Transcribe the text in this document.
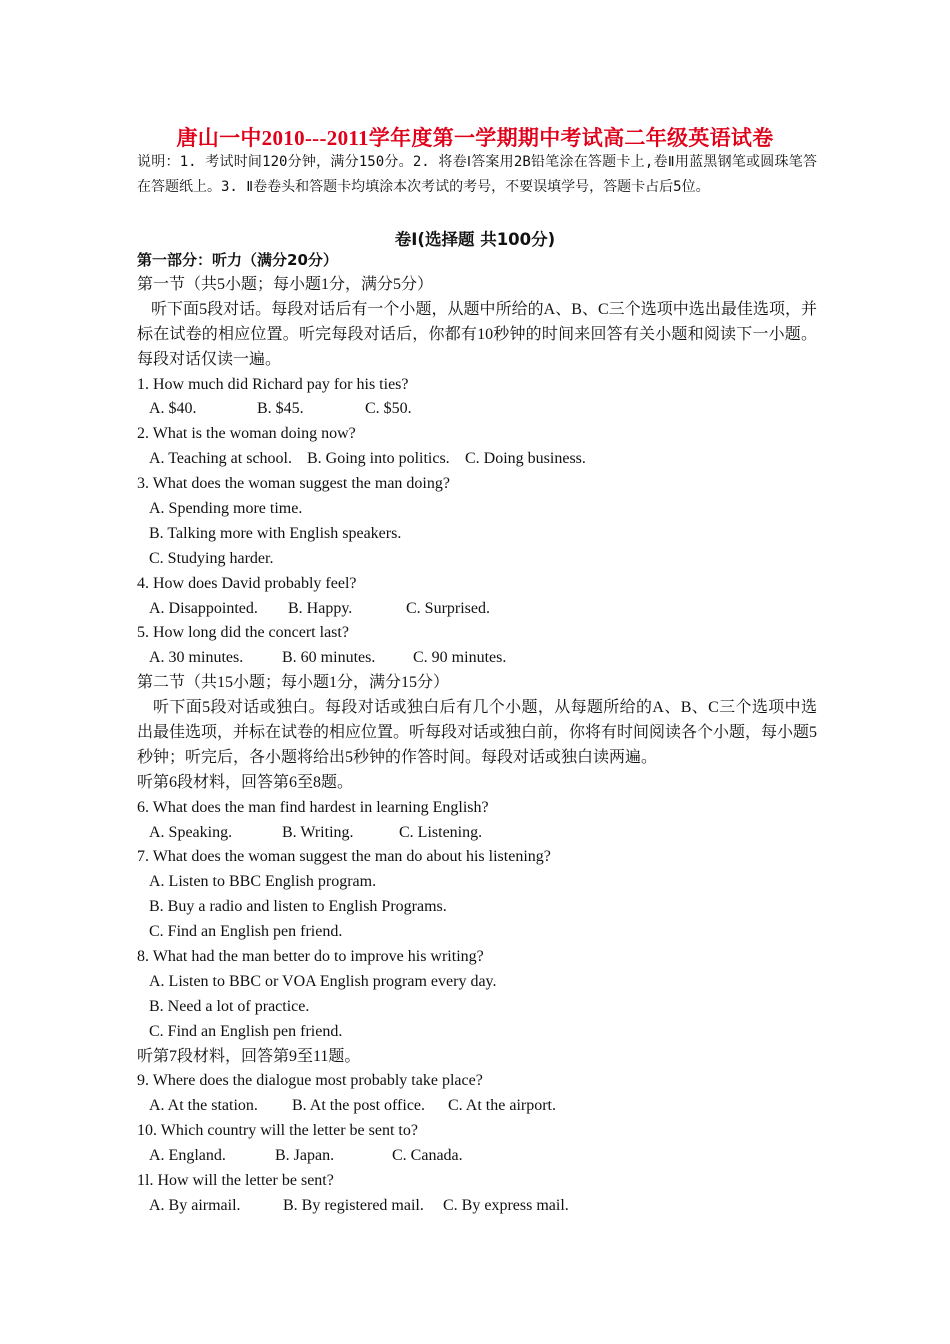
唐山一中2010---2011学年度第一学期期中考试高二年级英语试卷
说明：1. 考试时间120分钟，满分150分。2. 将卷Ⅰ答案用2B铅笔涂在答题卡上,卷Ⅱ用蓝黑钢笔或圆珠笔答在答题纸上。3. Ⅱ卷卷头和答题卡均填涂本次考试的考号，不要误填学号，答题卡占后5位。
卷Ⅰ(选择题 共100分)
第一部分：听力（满分20分）
第一节（共5小题；每小题1分，满分5分）
听下面5段对话。每段对话后有一个小题，从题中所给的A、B、C三个选项中选出最佳选项，并标在试卷的相应位置。听完每段对话后，你都有10秒钟的时间来回答有关小题和阅读下一小题。每段对话仅读一遍。
1. How much did Richard pay for his ties?
A. $40.	B. $45.	C. $50.
2. What is the woman doing now?
A. Teaching at school. B. Going into politics. C. Doing business.
3. What does the woman suggest the man doing?
A. Spending more time.
B. Talking more with English speakers.
C. Studying harder.
4. How does David probably feel?
A. Disappointed. B. Happy.	C. Surprised.
5. How long did the concert last?
A. 30 minutes. B. 60 minutes. C. 90 minutes.
第二节（共15小题；每小题1分，满分15分）
听下面5段对话或独白。每段对话或独白后有几个小题，从每题所给的A、B、C三个选项中选出最佳选项，并标在试卷的相应位置。听每段对话或独白前，你将有时间阅读各个小题，每小题5秒钟；听完后，各小题将给出5秒钟的作答时间。每段对话或独白读两遍。
听第6段材料，回答第6至8题。
6. What does the man find hardest in learning English?
A. Speaking.	B. Writing.	C. Listening.
7. What does the woman suggest the man do about his listening?
A. Listen to BBC English program.
B. Buy a radio and listen to English Programs.
C. Find an English pen friend.
8. What had the man better do to improve his writing?
A. Listen to BBC or VOA English program every day.
B. Need a lot of practice.
C. Find an English pen friend.
听第7段材料，回答第9至11题。
9. Where does the dialogue most probably take place?
A. At the station. B. At the post office. C. At the airport.
10. Which country will the letter be sent to?
A. England.	B. Japan.	C. Canada.
1l. How will the letter be sent?
A. By airmail.	B. By registered mail. C. By express mail.
